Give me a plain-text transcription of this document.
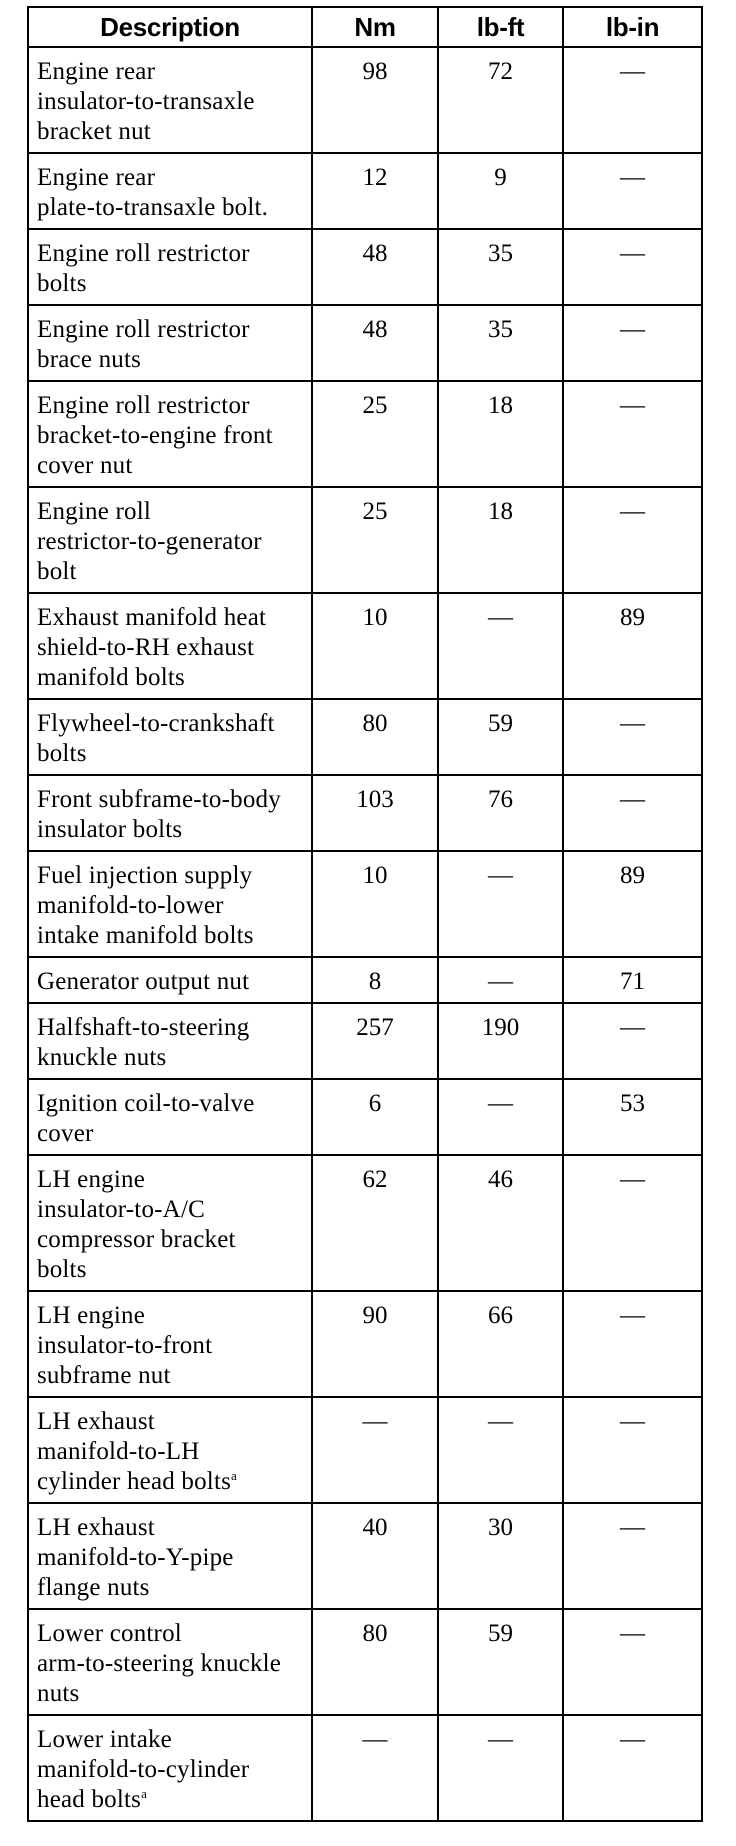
Description	Nm	lb-ft	lb-in
Engine rear
insulator-to-transaxle
bracket nut	98	72	—
Engine rear
plate-to-transaxle bolt.	12	9	—
Engine roll restrictor
bolts	48	35	—
Engine roll restrictor
brace nuts	48	35	—
Engine roll restrictor
bracket-to-engine front
cover nut	25	18	—
Engine roll
restrictor-to-generator
bolt	25	18	—
Exhaust manifold heat
shield-to-RH exhaust
manifold bolts	10	—	89
Flywheel-to-crankshaft
bolts	80	59	—
Front subframe-to-body
insulator bolts	103	76	—
Fuel injection supply
manifold-to-lower
intake manifold bolts	10	—	89
Generator output nut	8	—	71
Halfshaft-to-steering
knuckle nuts	257	190	—
Ignition coil-to-valve
cover	6	—	53
LH engine
insulator-to-A/C
compressor bracket
bolts	62	46	—
LH engine
insulator-to-front
subframe nut	90	66	—
LH exhaust
manifold-to-LH
cylinder head bolts$^a$	—	—	—
LH exhaust
manifold-to-Y-pipe
flange nuts	40	30	—
Lower control
arm-to-steering knuckle
nuts	80	59	—
Lower intake
manifold-to-cylinder
head bolts$^a$	—	—	—
